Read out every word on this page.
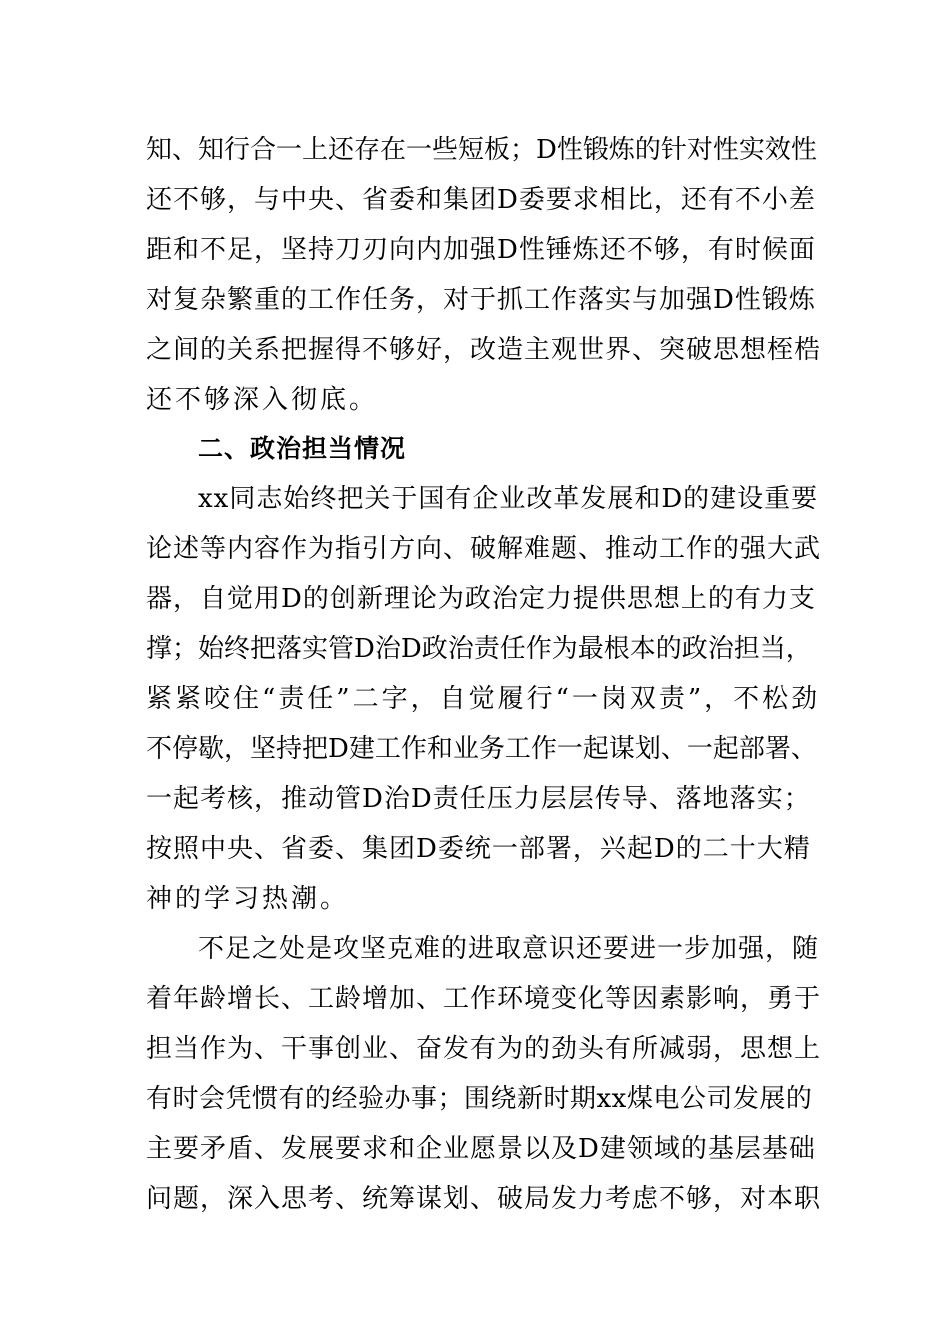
知、知行合一上还存在一些短板；D性锻炼的针对性实效性
还不够，与中央、省委和集团D委要求相比，还有不小差
距和不足，坚持刀刃向内加强D性锤炼还不够，有时候面
对复杂繁重的工作任务，对于抓工作落实与加强D性锻炼
之间的关系把握得不够好，改造主观世界、突破思想桎梏
还不够深入彻底。
二、政治担当情况
xx同志始终把关于国有企业改革发展和D的建设重要
论述等内容作为指引方向、破解难题、推动工作的强大武
器，自觉用D的创新理论为政治定力提供思想上的有力支
撑；始终把落实管D治D政治责任作为最根本的政治担当，
紧紧咬住“责任”二字，自觉履行“一岗双责”，不松劲
不停歇，坚持把D建工作和业务工作一起谋划、一起部署、
一起考核，推动管D治D责任压力层层传导、落地落实；
按照中央、省委、集团D委统一部署，兴起D的二十大精
神的学习热潮。
不足之处是攻坚克难的进取意识还要进一步加强，随
着年龄增长、工龄增加、工作环境变化等因素影响，勇于
担当作为、干事创业、奋发有为的劲头有所减弱，思想上
有时会凭惯有的经验办事；围绕新时期xx煤电公司发展的
主要矛盾、发展要求和企业愿景以及D建领域的基层基础
问题，深入思考、统筹谋划、破局发力考虑不够，对本职
